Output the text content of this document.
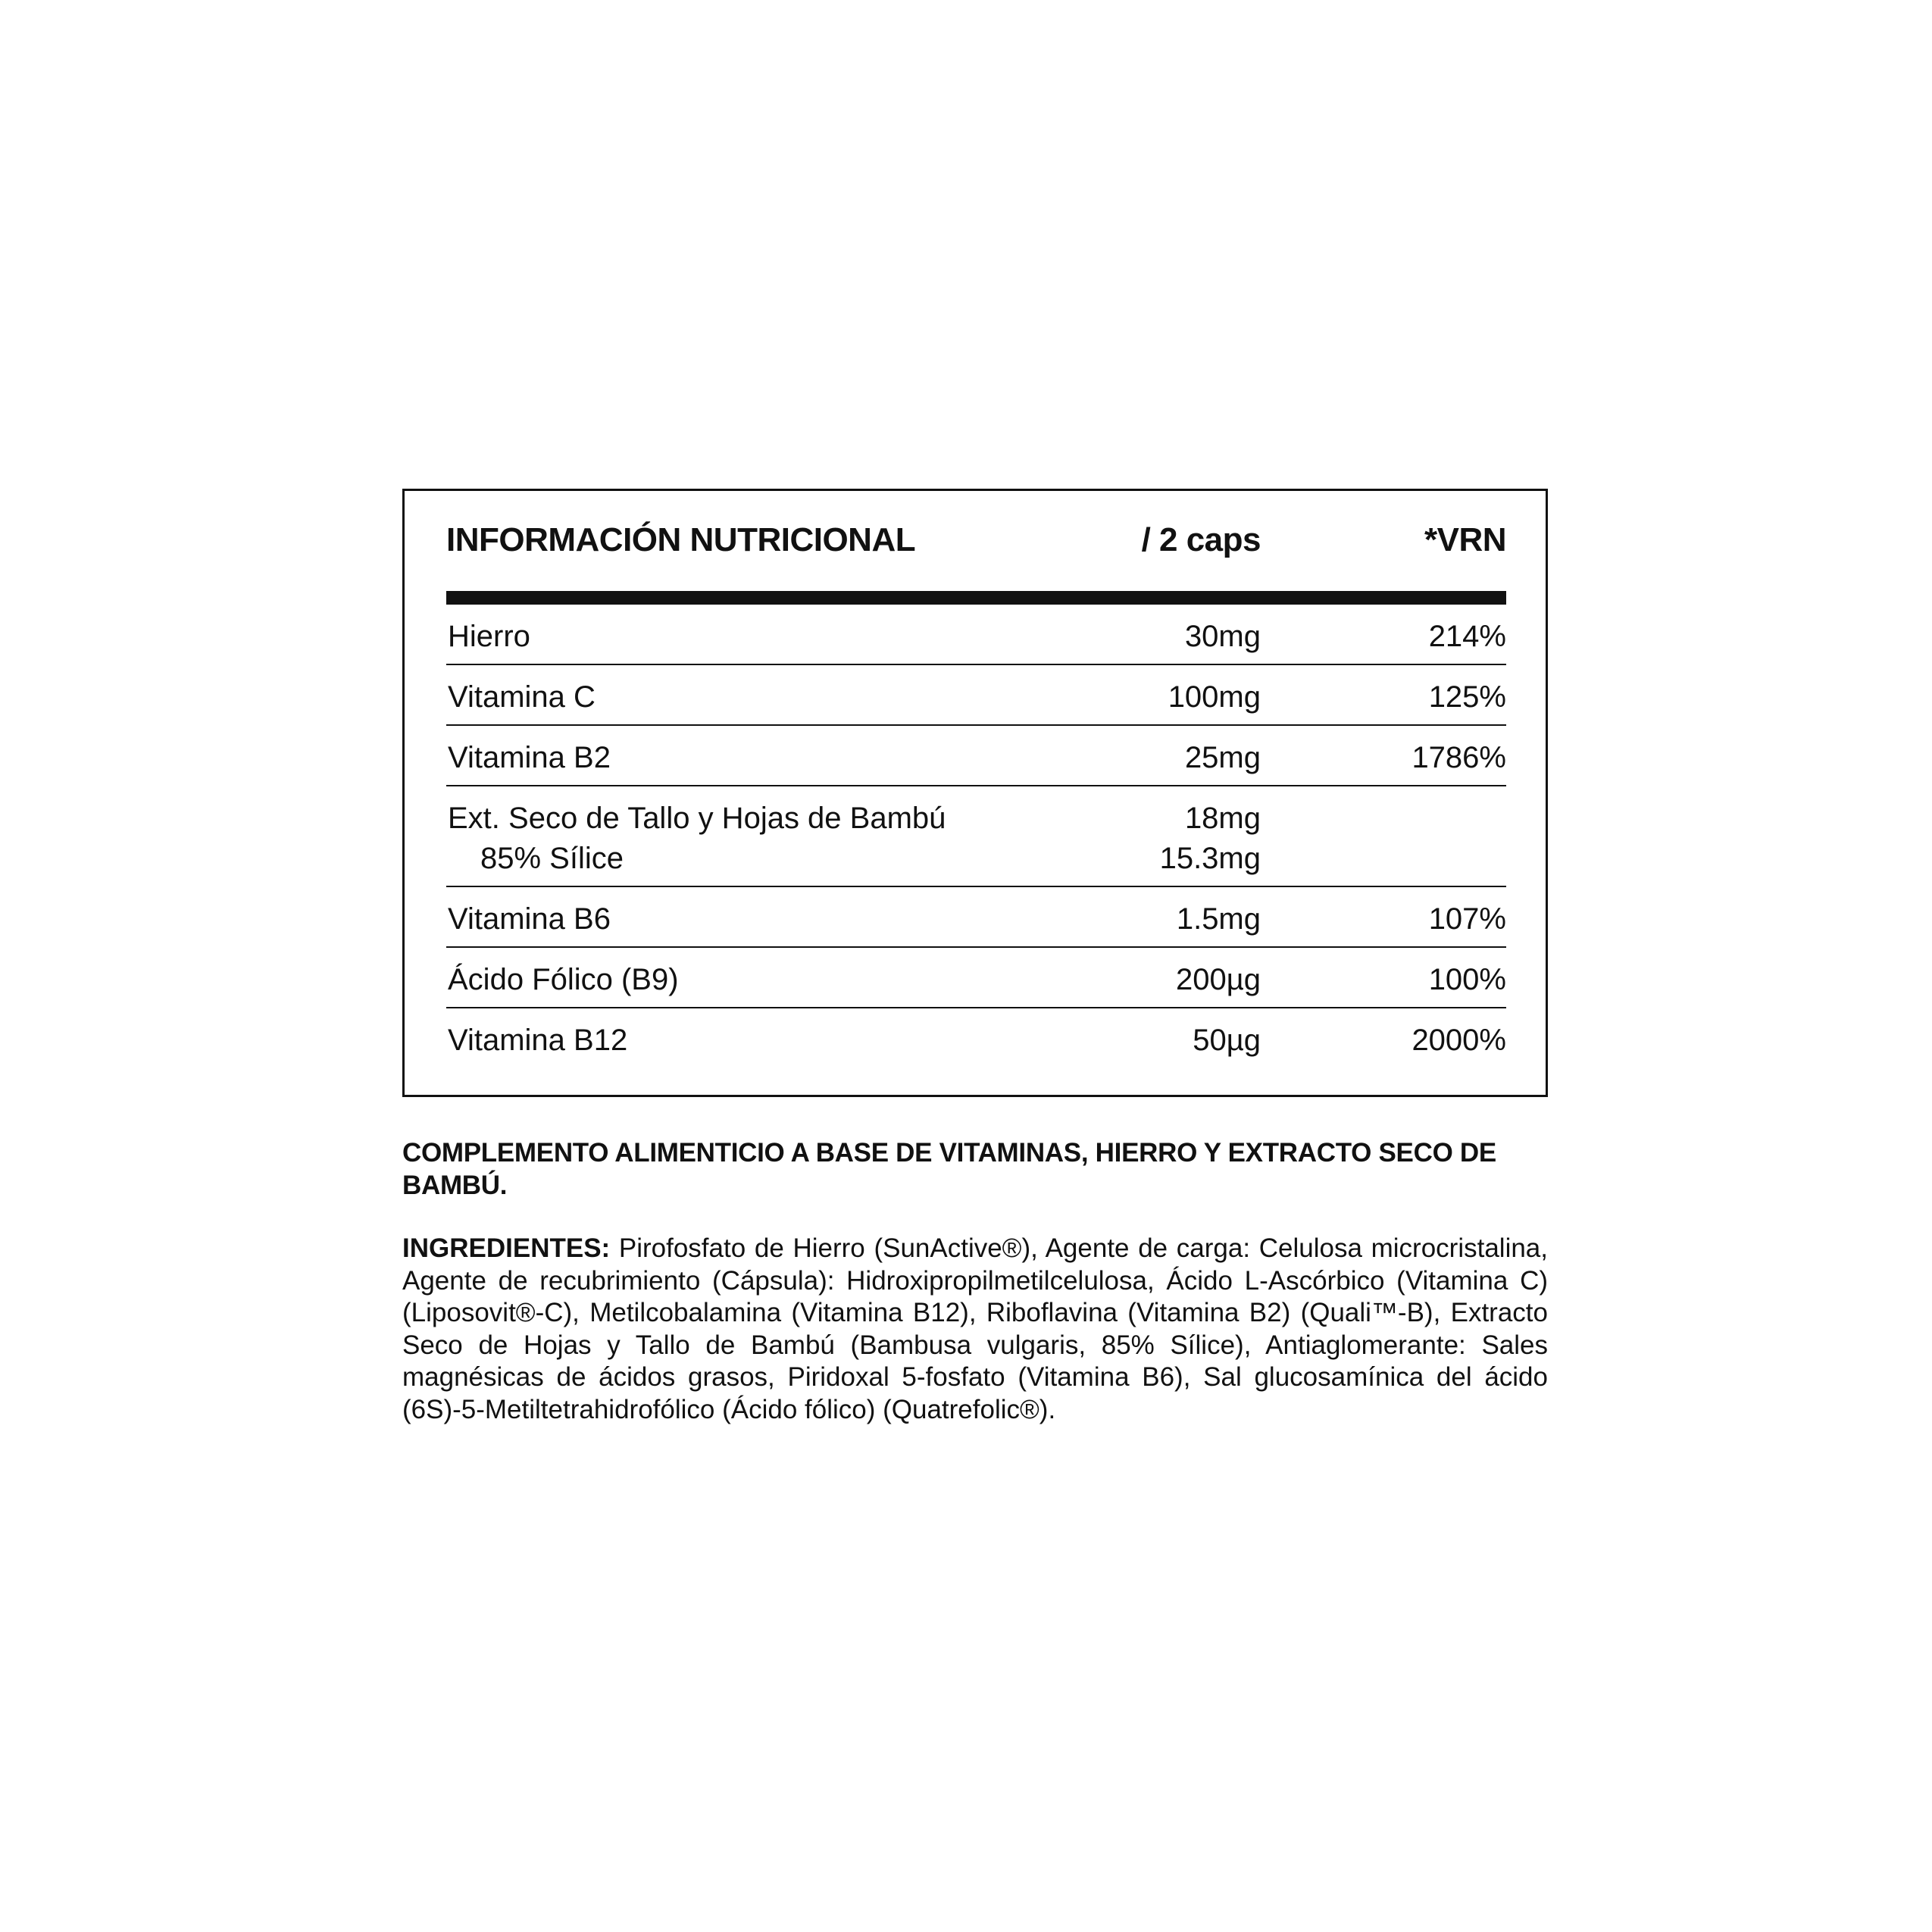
INFORMACIÓN NUTRICIONAL	/ 2 caps	*VRN
Hierro	30mg	214%
Vitamina C	100mg	125%
Vitamina B2	25mg	1786%
Ext. Seco de Tallo y Hojas de Bambú	18mg
85% Sílice	15.3mg
Vitamina B6	1.5mg	107%
Ácido Fólico (B9)	200µg	100%
Vitamina B12	50µg	2000%
COMPLEMENTO ALIMENTICIO A BASE DE VITAMINAS, HIERRO Y EXTRACTO SECO DE BAMBÚ.
INGREDIENTES: Pirofosfato de Hierro (SunActive®), Agente de carga: Celulosa microcristalina, Agente de recubrimiento (Cápsula): Hidroxipropilmetilcelulosa, Ácido L-Ascórbico (Vitamina C) (Liposovit®-C), Metilcobalamina (Vitamina B12), Riboflavina (Vitamina B2) (Quali™-B), Extracto Seco de Hojas y Tallo de Bambú (Bambusa vulgaris, 85% Sílice), Antiaglomerante: Sales magnésicas de ácidos grasos, Piridoxal 5-fosfato (Vitamina B6), Sal glucosamínica del ácido (6S)-5-Metiltetrahidrofólico (Ácido fólico) (Quatrefolic®).
